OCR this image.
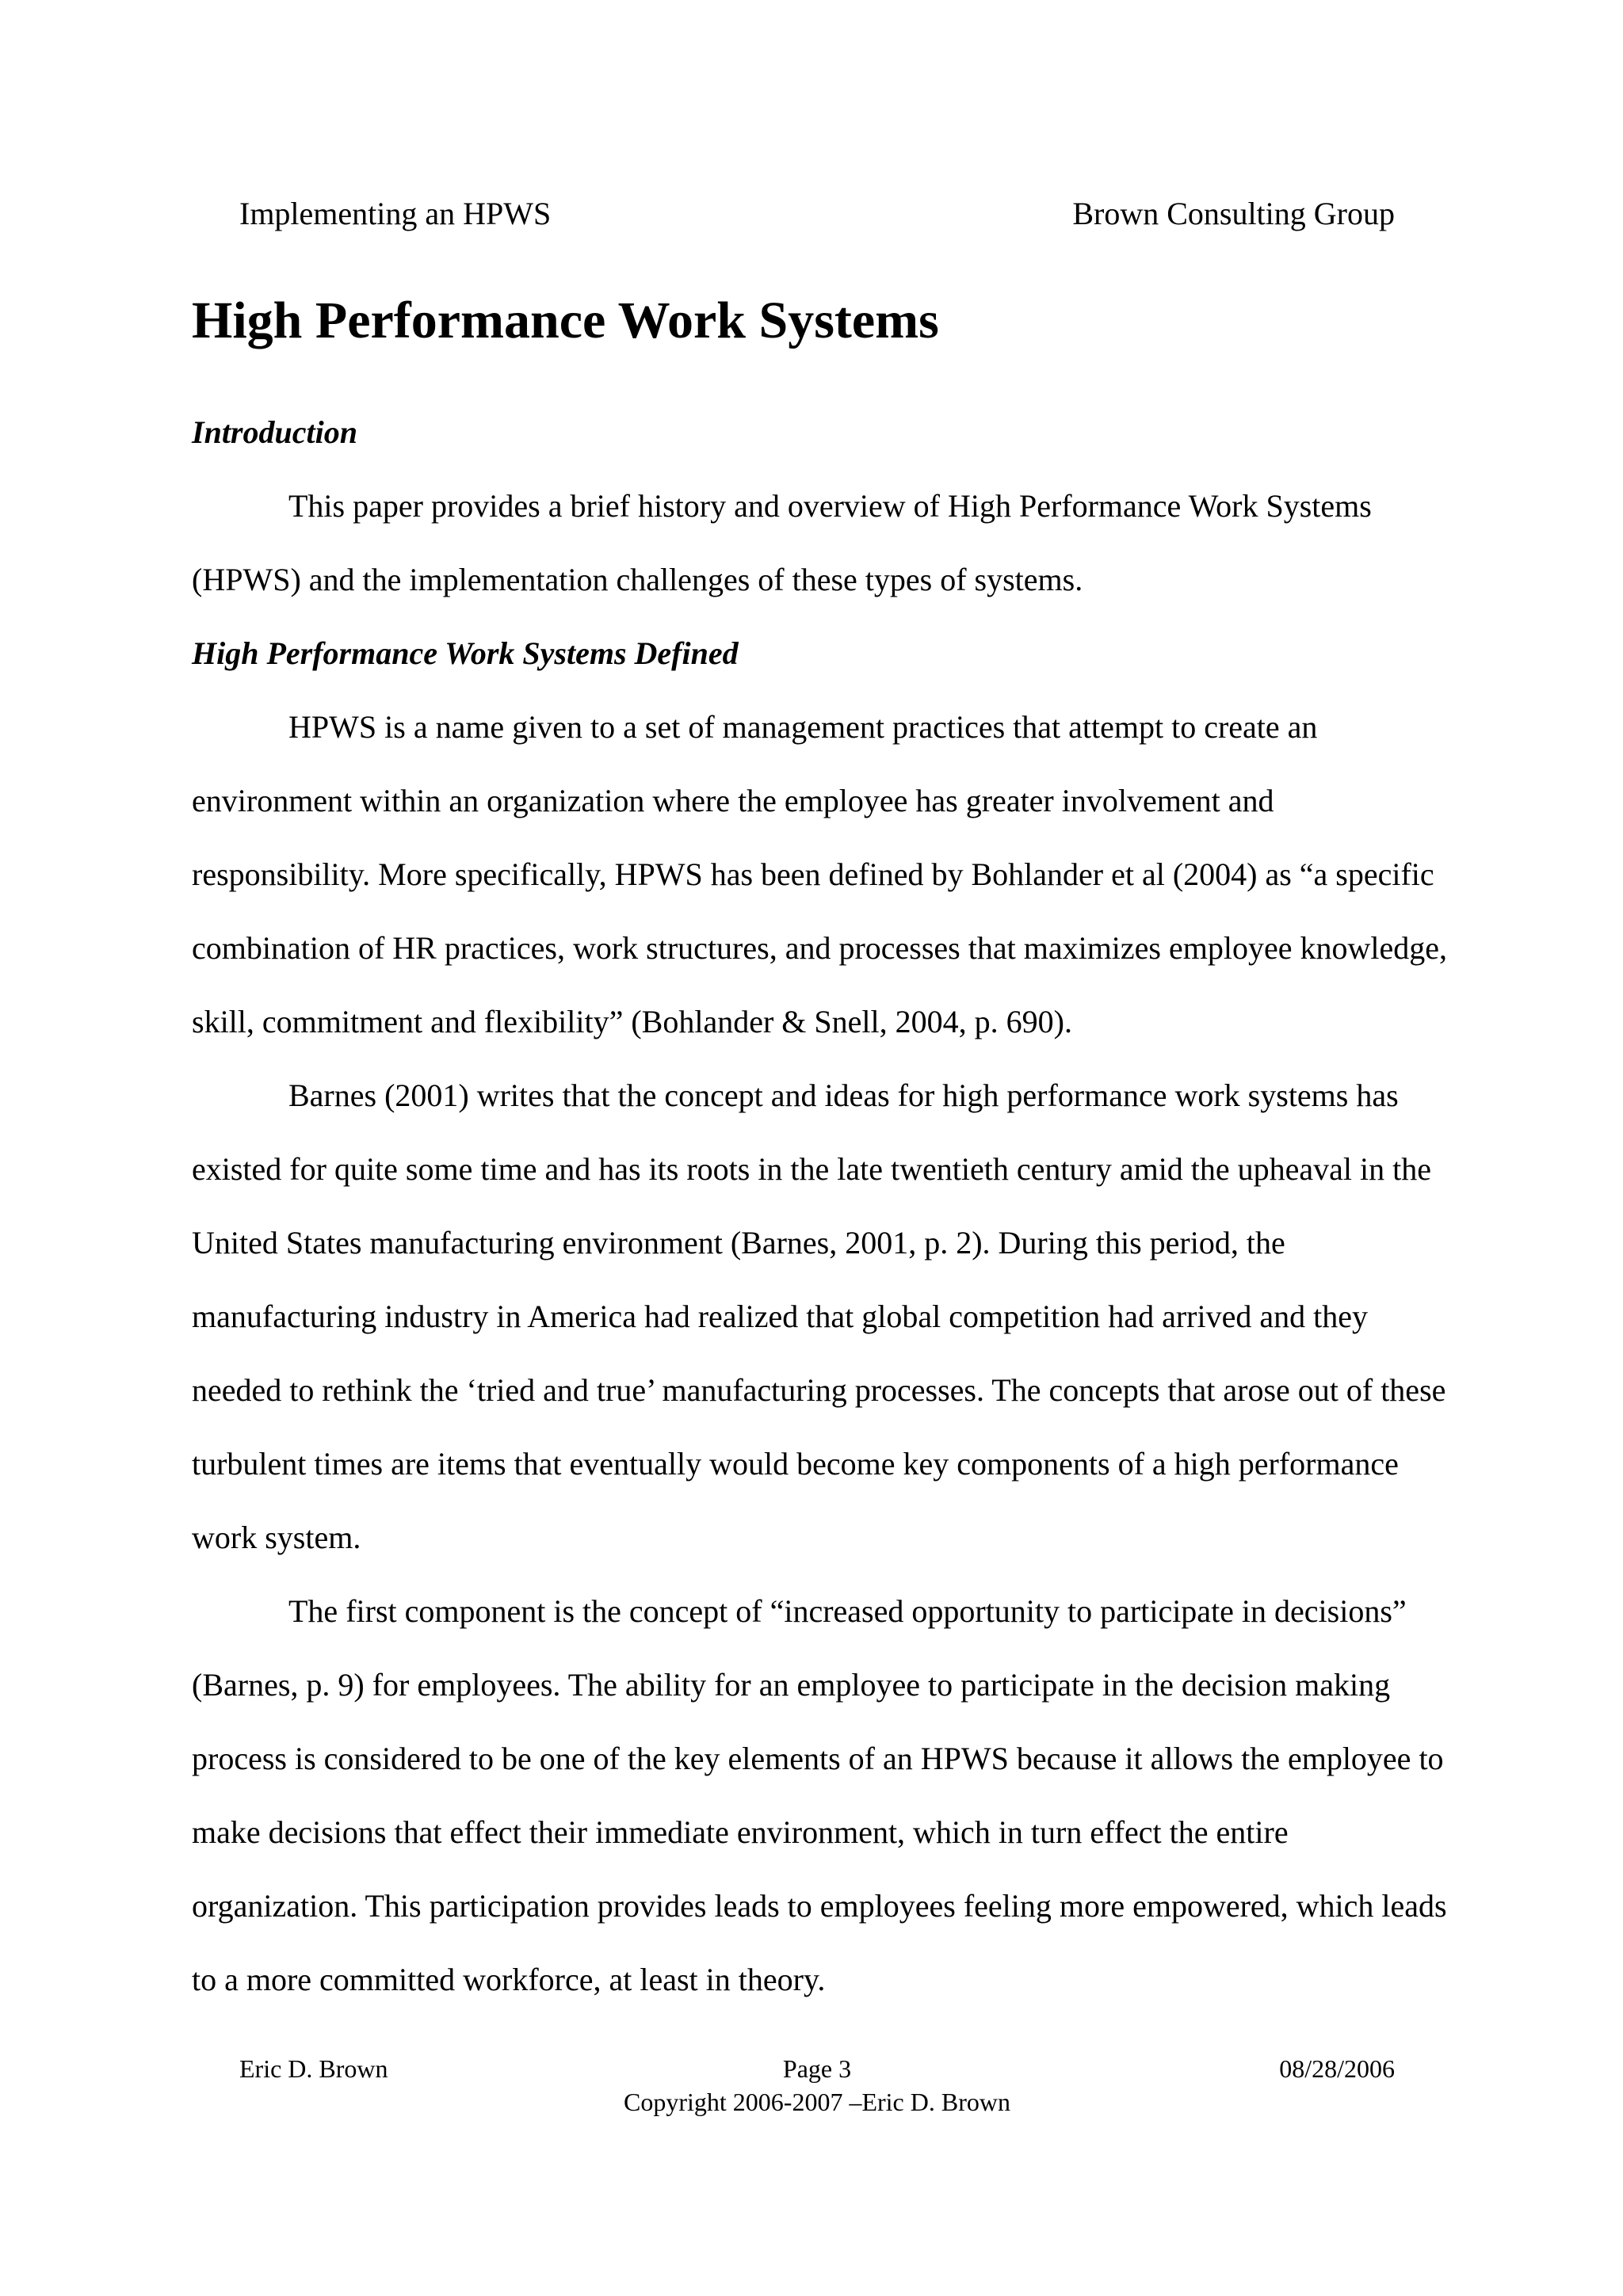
Implementing an HPWS	Brown Consulting Group
High Performance Work Systems
Introduction

This paper provides a brief history and overview of High Performance Work Systems (HPWS) and the implementation challenges of these types of systems.

High Performance Work Systems Defined

HPWS is a name given to a set of management practices that attempt to create an environment within an organization where the employee has greater involvement and responsibility. More specifically, HPWS has been defined by Bohlander et al (2004) as “a specific combination of HR practices, work structures, and processes that maximizes employee knowledge, skill, commitment and flexibility” (Bohlander & Snell, 2004, p. 690).

Barnes (2001) writes that the concept and ideas for high performance work systems has existed for quite some time and has its roots in the late twentieth century amid the upheaval in the United States manufacturing environment (Barnes, 2001, p. 2). During this period, the manufacturing industry in America had realized that global competition had arrived and they needed to rethink the ‘tried and true’ manufacturing processes. The concepts that arose out of these turbulent times are items that eventually would become key components of a high performance work system.

The first component is the concept of “increased opportunity to participate in decisions” (Barnes, p. 9) for employees. The ability for an employee to participate in the decision making process is considered to be one of the key elements of an HPWS because it allows the employee to make decisions that effect their immediate environment, which in turn effect the entire organization. This participation provides leads to employees feeling more empowered, which leads to a more committed workforce, at least in theory.

Eric D. Brown	Page 3	08/28/2006
Copyright 2006-2007 –Eric D. Brown
